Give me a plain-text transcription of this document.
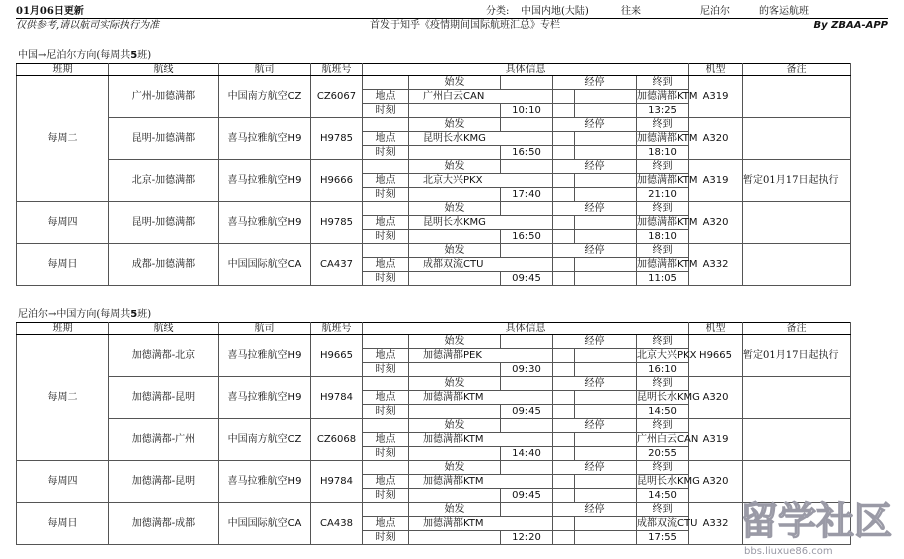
01月06日更新	分类: 中国内地(大陆)	往来	尼泊尔	的客运航班
仅供参考,请以航司实际执行为准	首发于知乎《疫情期间国际航班汇总》专栏	By ZBAA-APP
中国→尼泊尔方向(每周共5班)
尼泊尔→中国方向(每周共5班)
班期	航线	航司	航班号	具体信息						机型	备注
每周二	广州-加德满都	中国南方航空CZ	CZ6067		始发		经停		终到	A319	
				地点	广州白云CAN				加德满都KTM		
				时刻		10:10			13:25		
	昆明-加德满都	喜马拉雅航空H9	H9785		始发		经停		终到	A320	
				地点	昆明长水KMG				加德满都KTM		
				时刻		16:50			18:10		
	北京-加德满都	喜马拉雅航空H9	H9666		始发		经停		终到	A319	暂定01月17日起执行
				地点	北京大兴PKX				加德满都KTM		
				时刻		17:40			21:10		
每周四	昆明-加德满都	喜马拉雅航空H9	H9785		始发		经停		终到	A320	
				地点	昆明长水KMG				加德满都KTM		
				时刻		16:50			18:10		
每周日	成都-加德满都	中国国际航空CA	CA437		始发		经停		终到	A332	
				地点	成都双流CTU				加德满都KTM		
				时刻		09:45			11:05		
班期	航线	航司	航班号	具体信息						机型	备注
每周二	加德满都-北京	喜马拉雅航空H9	H9665		始发		经停		终到	H9665	暂定01月17日起执行
				地点	加德满都PEK				北京大兴PKX		
				时刻		09:30			16:10		
	加德满都-昆明	喜马拉雅航空H9	H9784		始发		经停		终到	A320	
				地点	加德满都KTM				昆明长水KMG		
				时刻		09:45			14:50		
	加德满都-广州	中国南方航空CZ	CZ6068		始发		经停		终到	A319	
				地点	加德满都KTM				广州白云CAN		
				时刻		14:40			20:55		
每周四	加德满都-昆明	喜马拉雅航空H9	H9784		始发		经停		终到	A320	
				地点	加德满都KTM				昆明长水KMG		
				时刻		09:45			14:50		
每周日	加德满都-成都	中国国际航空CA	CA438		始发		经停		终到	A332	
				地点	加德满都KTM				成都双流CTU		
				时刻		12:20			17:55		留学社区
bbs.liuxue86.com
